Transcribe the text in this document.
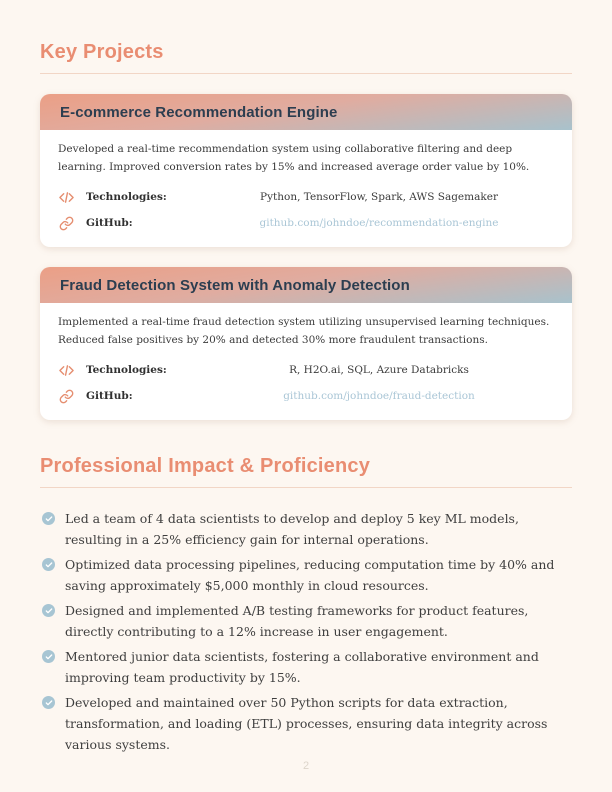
Key Projects
E-commerce Recommendation Engine

Developed a real-time recommendation system using collaborative filtering and deep learning. Improved conversion rates by 15% and increased average order value by 10%.

Technologies:	Python, TensorFlow, Spark, AWS Sagemaker
GitHub:	github.com/johndoe/recommendation-engine
Fraud Detection System with Anomaly Detection

Implemented a real-time fraud detection system utilizing unsupervised learning techniques. Reduced false positives by 20% and detected 30% more fraudulent transactions.

Technologies:	R, H2O.ai, SQL, Azure Databricks
GitHub:	github.com/johndoe/fraud-detection
Professional Impact & Proficiency
Led a team of 4 data scientists to develop and deploy 5 key ML models, resulting in a 25% efficiency gain for internal operations.
Optimized data processing pipelines, reducing computation time by 40% and saving approximately $5,000 monthly in cloud resources.
Designed and implemented A/B testing frameworks for product features, directly contributing to a 12% increase in user engagement.
Mentored junior data scientists, fostering a collaborative environment and improving team productivity by 15%.
Developed and maintained over 50 Python scripts for data extraction, transformation, and loading (ETL) processes, ensuring data integrity across various systems.
2
